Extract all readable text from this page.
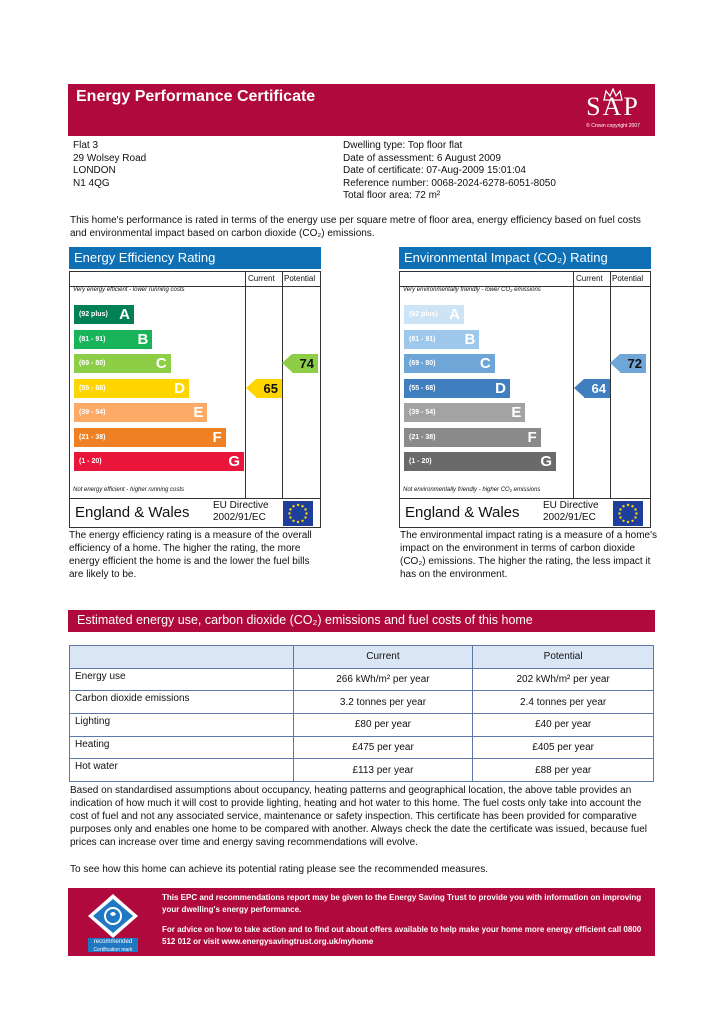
Energy Performance Certificate	SAP
© Crown copyright 2007
Flat 3
29 Wolsey Road
LONDON
N1 4QG
Dwelling type: Top floor flat
Date of assessment: 6 August 2009
Date of certificate: 07-Aug-2009 15:01:04
Reference number: 0068-2024-6278-6051-8050
Total floor area: 72 m²
This home's performance is rated in terms of the energy use per square metre of floor area, energy efficiency based on fuel costs and environmental impact based on carbon dioxide (CO₂) emissions.
Energy Efficiency Rating
Current Potential
Very energy efficient - lower running costs
Not energy efficient - higher running costs
(92 plus) A
(81 - 91) B
(69 - 80)	C
(55 - 68)	D
(39 - 54)	E
(21 - 38)	F
(1 - 20)	G
65
74
England & Wales EU Directive
2002/91/EC
The energy efficiency rating is a measure of the overall efficiency of a home. The higher the rating, the more energy efficient the home is and the lower the fuel bills are likely to be.
Environmental Impact (CO₂) Rating
Current Potential
Very environmentally friendly - lower CO₂ emissions
Not environmentally friendly - higher CO₂ emissions
(92 plus) A
(81 - 91) B
(69 - 80)	C
(55 - 68)	D
(39 - 54)	E
(21 - 38)	F
(1 - 20)	G
64
72
England & Wales EU Directive
2002/91/EC
The environmental impact rating is a measure of a home's impact on the environment in terms of carbon dioxide (CO₂) emissions. The higher the rating, the less impact it has on the environment.
Estimated energy use, carbon dioxide (CO₂) emissions and fuel costs of this home
	Current	Potential
Energy use	266 kWh/m² per year	202 kWh/m² per year
Carbon dioxide emissions	3.2 tonnes per year	2.4 tonnes per year
Lighting	£80 per year	£40 per year
Heating	£475 per year	£405 per year
Hot water	£113 per year	£88 per year
Based on standardised assumptions about occupancy, heating patterns and geographical location, the above table provides an indication of how much it will cost to provide lighting, heating and hot water to this home. The fuel costs only take into account the cost of fuel and not any associated service, maintenance or safety inspection. This certificate has been provided for comparative purposes only and enables one home to be compared with another. Always check the date the certificate was issued, because fuel prices can increase over time and energy saving recommendations will evolve.
To see how this home can achieve its potential rating please see the recommended measures.
recommended
Certification mark
This EPC and recommendations report may be given to the Energy Saving Trust to provide you with information on improving your dwelling's energy performance.
For advice on how to take action and to find out about offers available to help make your home more energy efficient call 0800 512 012 or visit www.energysavingtrust.org.uk/myhome
